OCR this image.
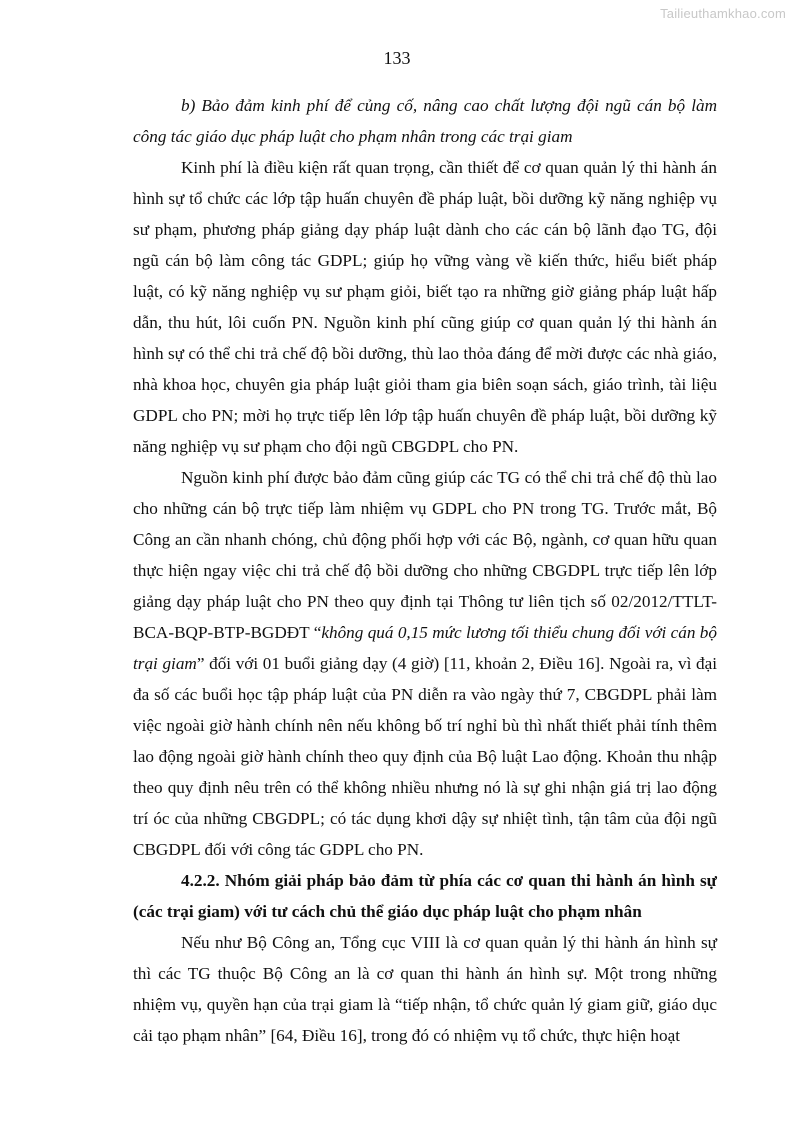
Tailieuthamkhao.com
133

b) Bảo đảm kinh phí để củng cố, nâng cao chất lượng đội ngũ cán bộ làm công tác giáo dục pháp luật cho phạm nhân trong các trại giam

Kinh phí là điều kiện rất quan trọng, cần thiết để cơ quan quản lý thi hành án hình sự tổ chức các lớp tập huấn chuyên đề pháp luật, bồi dưỡng kỹ năng nghiệp vụ sư phạm, phương pháp giảng dạy pháp luật dành cho các cán bộ lãnh đạo TG, đội ngũ cán bộ làm công tác GDPL; giúp họ vững vàng về kiến thức, hiểu biết pháp luật, có kỹ năng nghiệp vụ sư phạm giỏi, biết tạo ra những giờ giảng pháp luật hấp dẫn, thu hút, lôi cuốn PN. Nguồn kinh phí cũng giúp cơ quan quản lý thi hành án hình sự có thể chi trả chế độ bồi dưỡng, thù lao thỏa đáng để mời được các nhà giáo, nhà khoa học, chuyên gia pháp luật giỏi tham gia biên soạn sách, giáo trình, tài liệu GDPL cho PN; mời họ trực tiếp lên lớp tập huấn chuyên đề pháp luật, bồi dưỡng kỹ năng nghiệp vụ sư phạm cho đội ngũ CBGDPL cho PN.

Nguồn kinh phí được bảo đảm cũng giúp các TG có thể chi trả chế độ thù lao cho những cán bộ trực tiếp làm nhiệm vụ GDPL cho PN trong TG. Trước mắt, Bộ Công an cần nhanh chóng, chủ động phối hợp với các Bộ, ngành, cơ quan hữu quan thực hiện ngay việc chi trả chế độ bồi dưỡng cho những CBGDPL trực tiếp lên lớp giảng dạy pháp luật cho PN theo quy định tại Thông tư liên tịch số 02/2012/TTLT-BCA-BQP-BTP-BGDĐT “không quá 0,15 mức lương tối thiểu chung đối với cán bộ trại giam” đối với 01 buổi giảng dạy (4 giờ) [11, khoản 2, Điều 16]. Ngoài ra, vì đại đa số các buổi học tập pháp luật của PN diễn ra vào ngày thứ 7, CBGDPL phải làm việc ngoài giờ hành chính nên nếu không bố trí nghỉ bù thì nhất thiết phải tính thêm lao động ngoài giờ hành chính theo quy định của Bộ luật Lao động. Khoản thu nhập theo quy định nêu trên có thể không nhiều nhưng nó là sự ghi nhận giá trị lao động trí óc của những CBGDPL; có tác dụng khơi dậy sự nhiệt tình, tận tâm của đội ngũ CBGDPL đối với công tác GDPL cho PN.

4.2.2. Nhóm giải pháp bảo đảm từ phía các cơ quan thi hành án hình sự (các trại giam) với tư cách chủ thể giáo dục pháp luật cho phạm nhân

Nếu như Bộ Công an, Tổng cục VIII là cơ quan quản lý thi hành án hình sự thì các TG thuộc Bộ Công an là cơ quan thi hành án hình sự. Một trong những nhiệm vụ, quyền hạn của trại giam là “tiếp nhận, tổ chức quản lý giam giữ, giáo dục cải tạo phạm nhân” [64, Điều 16], trong đó có nhiệm vụ tổ chức, thực hiện hoạt
